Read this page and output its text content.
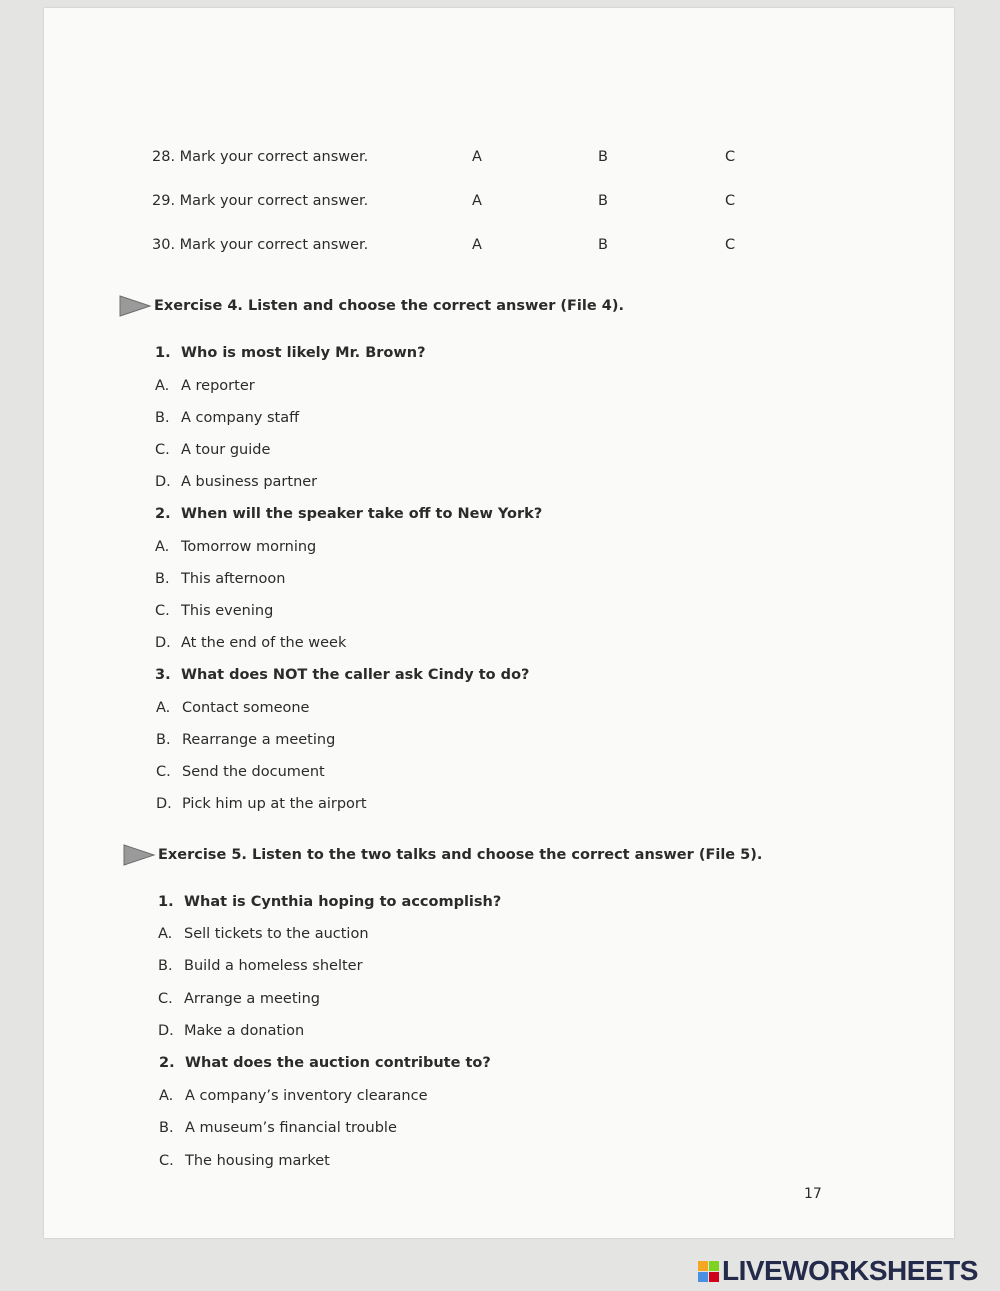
28. Mark your correct answer.	A	B	C
29. Mark your correct answer.	A	B	C
30. Mark your correct answer.	A	B	C
Exercise 4. Listen and choose the correct answer (File 4).
1. Who is most likely Mr. Brown?
A. A reporter
B. A company staff
C. A tour guide
D. A business partner
2. When will the speaker take off to New York?
A. Tomorrow morning
B. This afternoon
C. This evening
D. At the end of the week
3. What does NOT the caller ask Cindy to do?
A. Contact someone
B. Rearrange a meeting
C. Send the document
D. Pick him up at the airport
Exercise 5. Listen to the two talks and choose the correct answer (File 5).
1. What is Cynthia hoping to accomplish?
A. Sell tickets to the auction
B. Build a homeless shelter
C. Arrange a meeting
D. Make a donation
2. What does the auction contribute to?
A. A company’s inventory clearance
B. A museum’s financial trouble
C. The housing market
17
LIVEWORKSHEETS
